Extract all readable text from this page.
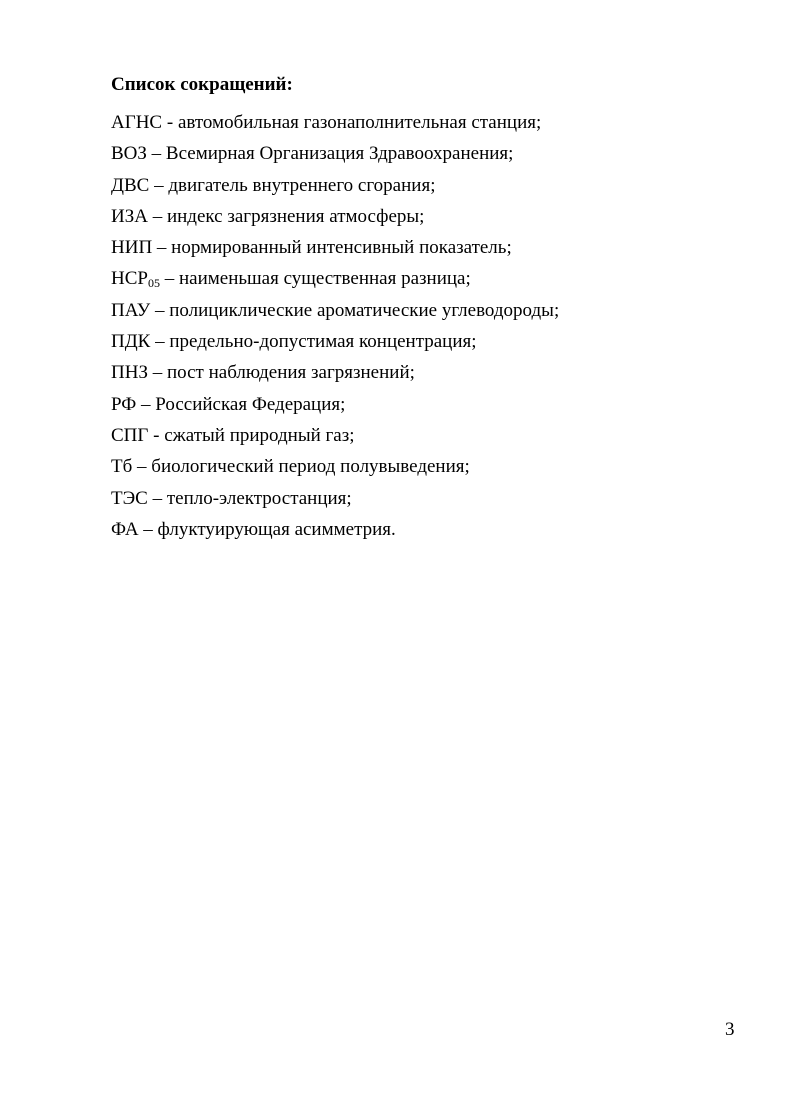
Список сокращений:
АГНС - автомобильная газонаполнительная станция;
ВОЗ – Всемирная Организация Здравоохранения;
ДВС – двигатель внутреннего сгорания;
ИЗА – индекс загрязнения атмосферы;
НИП – нормированный интенсивный показатель;
$НСР_{05}$ – наименьшая существенная разница;
ПАУ – полициклические ароматические углеводороды;
ПДК – предельно-допустимая концентрация;
ПНЗ – пост наблюдения загрязнений;
РФ – Российская Федерация;
СПГ - сжатый природный газ;
Тб – биологический период полувыведения;
ТЭС – тепло-электростанция;
ФА – флуктуирующая асимметрия.
3
